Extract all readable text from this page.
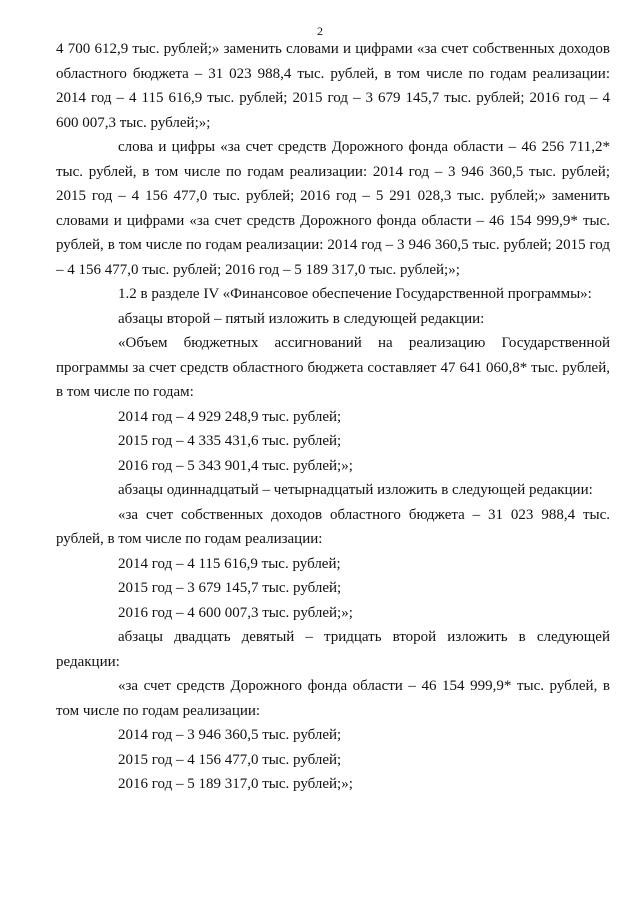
2

4 700 612,9 тыс. рублей;» заменить словами и цифрами «за счет собственных доходов областного бюджета – 31 023 988,4 тыс. рублей, в том числе по годам реализации: 2014 год – 4 115 616,9 тыс. рублей; 2015 год – 3 679 145,7 тыс. рублей; 2016 год – 4 600 007,3 тыс. рублей;»;

слова и цифры «за счет средств Дорожного фонда области – 46 256 711,2* тыс. рублей, в том числе по годам реализации: 2014 год – 3 946 360,5 тыс. рублей; 2015 год – 4 156 477,0 тыс. рублей; 2016 год – 5 291 028,3 тыс. рублей;» заменить словами и цифрами «за счет средств Дорожного фонда области – 46 154 999,9* тыс. рублей, в том числе по годам реализации: 2014 год – 3 946 360,5 тыс. рублей; 2015 год – 4 156 477,0 тыс. рублей; 2016 год – 5 189 317,0 тыс. рублей;»;

1.2 в разделе IV «Финансовое обеспечение Государственной программы»:

абзацы второй – пятый изложить в следующей редакции:

«Объем бюджетных ассигнований на реализацию Государственной программы за счет средств областного бюджета составляет 47 641 060,8* тыс. рублей, в том числе по годам:

2014 год – 4 929 248,9 тыс. рублей;

2015 год – 4 335 431,6 тыс. рублей;

2016 год – 5 343 901,4 тыс. рублей;»;

абзацы одиннадцатый – четырнадцатый изложить в следующей редакции:

«за счет собственных доходов областного бюджета – 31 023 988,4 тыс. рублей, в том числе по годам реализации:

2014 год – 4 115 616,9 тыс. рублей;

2015 год – 3 679 145,7 тыс. рублей;

2016 год – 4 600 007,3 тыс. рублей;»;

абзацы двадцать девятый – тридцать второй изложить в следующей редакции:

«за счет средств Дорожного фонда области – 46 154 999,9* тыс. рублей, в том числе по годам реализации:

2014 год – 3 946 360,5 тыс. рублей;

2015 год – 4 156 477,0 тыс. рублей;

2016 год – 5 189 317,0 тыс. рублей;»;
